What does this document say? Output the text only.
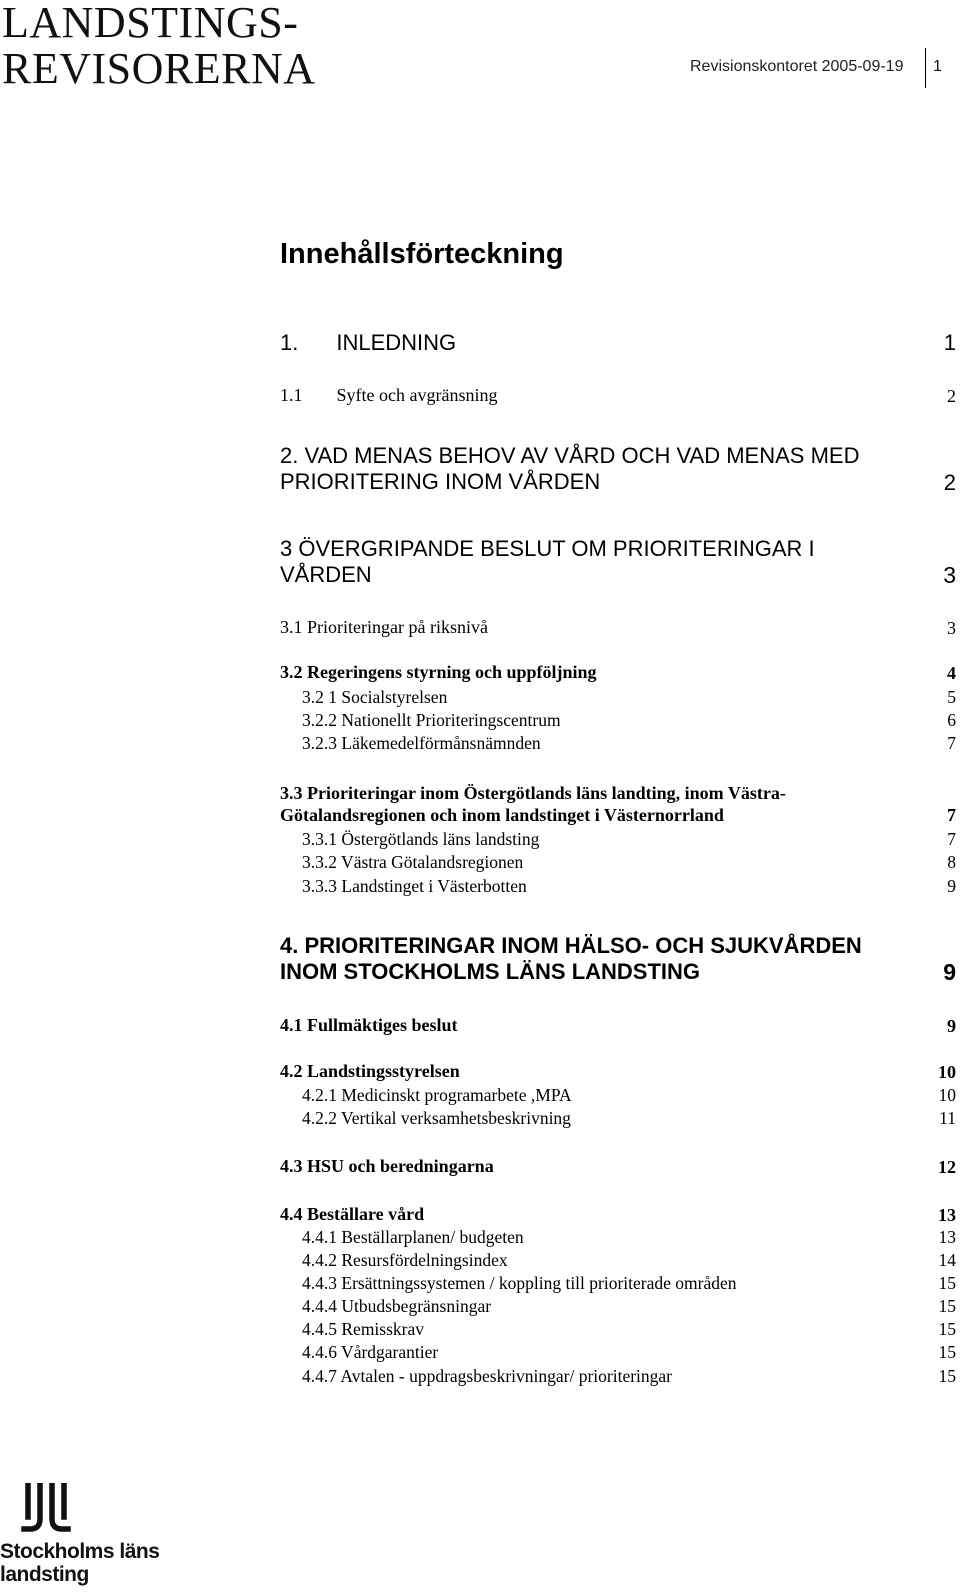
LANDSTINGS-
REVISORERNA	Revisionskontoret 2005-09-19 1
Innehållsförteckning
1. INLEDNING	1
1.1 Syfte och avgränsning	2
2. VAD MENAS BEHOV AV VÅRD OCH VAD MENAS MED
PRIORITERING INOM VÅRDEN	2
3 ÖVERGRIPANDE BESLUT OM PRIORITERINGAR I
VÅRDEN	3
3.1 Prioriteringar på riksnivå	3
3.2 Regeringens styrning och uppföljning	4
3.2 1 Socialstyrelsen	5
3.2.2 Nationellt Prioriteringscentrum	6
3.2.3 Läkemedelförmånsnämnden	7
3.3 Prioriteringar inom Östergötlands läns landting, inom Västra-
Götalandsregionen och inom landstinget i Västernorrland	7
3.3.1 Östergötlands läns landsting	7
3.3.2 Västra Götalandsregionen	8
3.3.3 Landstinget i Västerbotten	9
4. PRIORITERINGAR INOM HÄLSO- OCH SJUKVÅRDEN
INOM STOCKHOLMS LÄNS LANDSTING	9
4.1 Fullmäktiges beslut	9
4.2 Landstingsstyrelsen	10
4.2.1 Medicinskt programarbete ,MPA	10
4.2.2 Vertikal verksamhetsbeskrivning	11
4.3 HSU och beredningarna	12
4.4 Beställare vård	13
4.4.1 Beställarplanen/ budgeten	13
4.4.2 Resursfördelningsindex	14
4.4.3 Ersättningssystemen / koppling till prioriterade områden	15
4.4.4 Utbudsbegränsningar	15
4.4.5 Remisskrav	15
4.4.6 Vårdgarantier	15
4.4.7 Avtalen - uppdragsbeskrivningar/ prioriteringar	15
Stockholms läns
landsting
